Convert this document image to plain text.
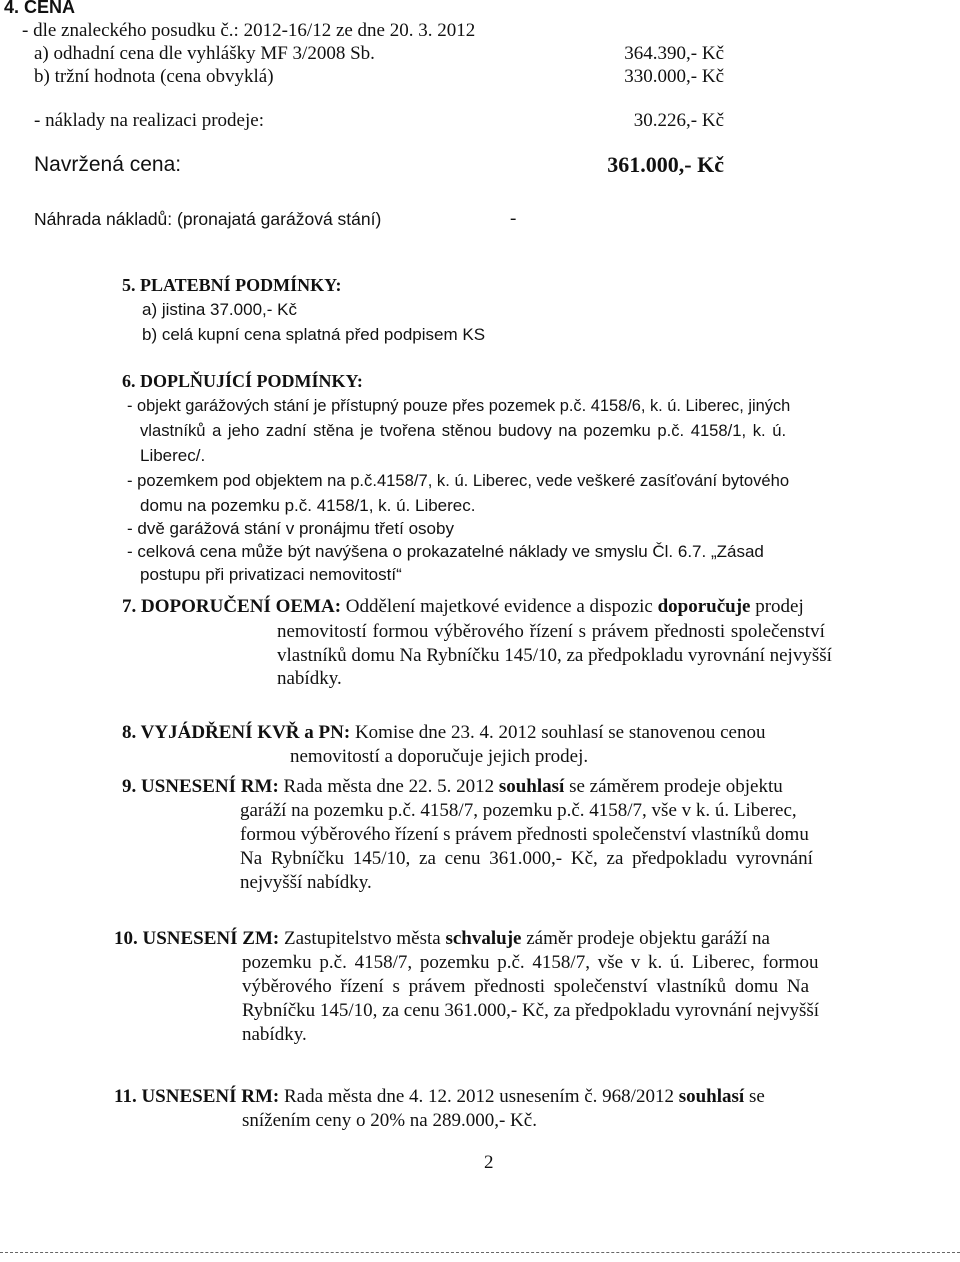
4. CENA
- dle znaleckého posudku č.: 2012-16/12 ze dne 20. 3. 2012
a) odhadní cena dle vyhlášky MF 3/2008 Sb.	364.390,- Kč
b) tržní hodnota (cena obvyklá)	330.000,- Kč
- náklady na realizaci prodeje:	30.226,- Kč
Navržená cena:	361.000,- Kč
Náhrada nákladů: (pronajatá garážová stání)	-
5. PLATEBNÍ PODMÍNKY:
a) jistina 37.000,- Kč
b) celá kupní cena splatná před podpisem KS
6. DOPLŇUJÍCÍ PODMÍNKY:
- objekt garážových stání je přístupný pouze přes pozemek p.č. 4158/6, k. ú. Liberec, jiných
vlastníků a jeho zadní stěna je tvořena stěnou budovy na pozemku p.č. 4158/1, k. ú.
Liberec/.
- pozemkem pod objektem na p.č.4158/7, k. ú. Liberec, vede veškeré zasíťování bytového
domu na pozemku p.č. 4158/1, k. ú. Liberec.
- dvě garážová stání v pronájmu třetí osoby
- celková cena může být navýšena o prokazatelné náklady ve smyslu Čl. 6.7. „Zásad
postupu při privatizaci nemovitostí“
7. DOPORUČENÍ OEMA: Oddělení majetkové evidence a dispozic doporučuje prodej
nemovitostí formou výběrového řízení s právem přednosti společenství
vlastníků domu Na Rybníčku 145/10, za předpokladu vyrovnání nejvyšší
nabídky.
8. VYJÁDŘENÍ KVŘ a PN: Komise dne 23. 4. 2012 souhlasí se stanovenou cenou
nemovitostí a doporučuje jejich prodej.
9. USNESENÍ RM: Rada města dne 22. 5. 2012 souhlasí se záměrem prodeje objektu
garáží na pozemku p.č. 4158/7, pozemku p.č. 4158/7, vše v k. ú. Liberec,
formou výběrového řízení s právem přednosti společenství vlastníků domu
Na Rybníčku 145/10, za cenu 361.000,- Kč, za předpokladu vyrovnání
nejvyšší nabídky.
10. USNESENÍ ZM: Zastupitelstvo města schvaluje záměr prodeje objektu garáží na
pozemku p.č. 4158/7, pozemku p.č. 4158/7, vše v k. ú. Liberec, formou
výběrového řízení s právem přednosti společenství vlastníků domu Na
Rybníčku 145/10, za cenu 361.000,- Kč, za předpokladu vyrovnání nejvyšší
nabídky.
11. USNESENÍ RM: Rada města dne 4. 12. 2012 usnesením č. 968/2012 souhlasí se
snížením ceny o 20% na 289.000,- Kč.
2
